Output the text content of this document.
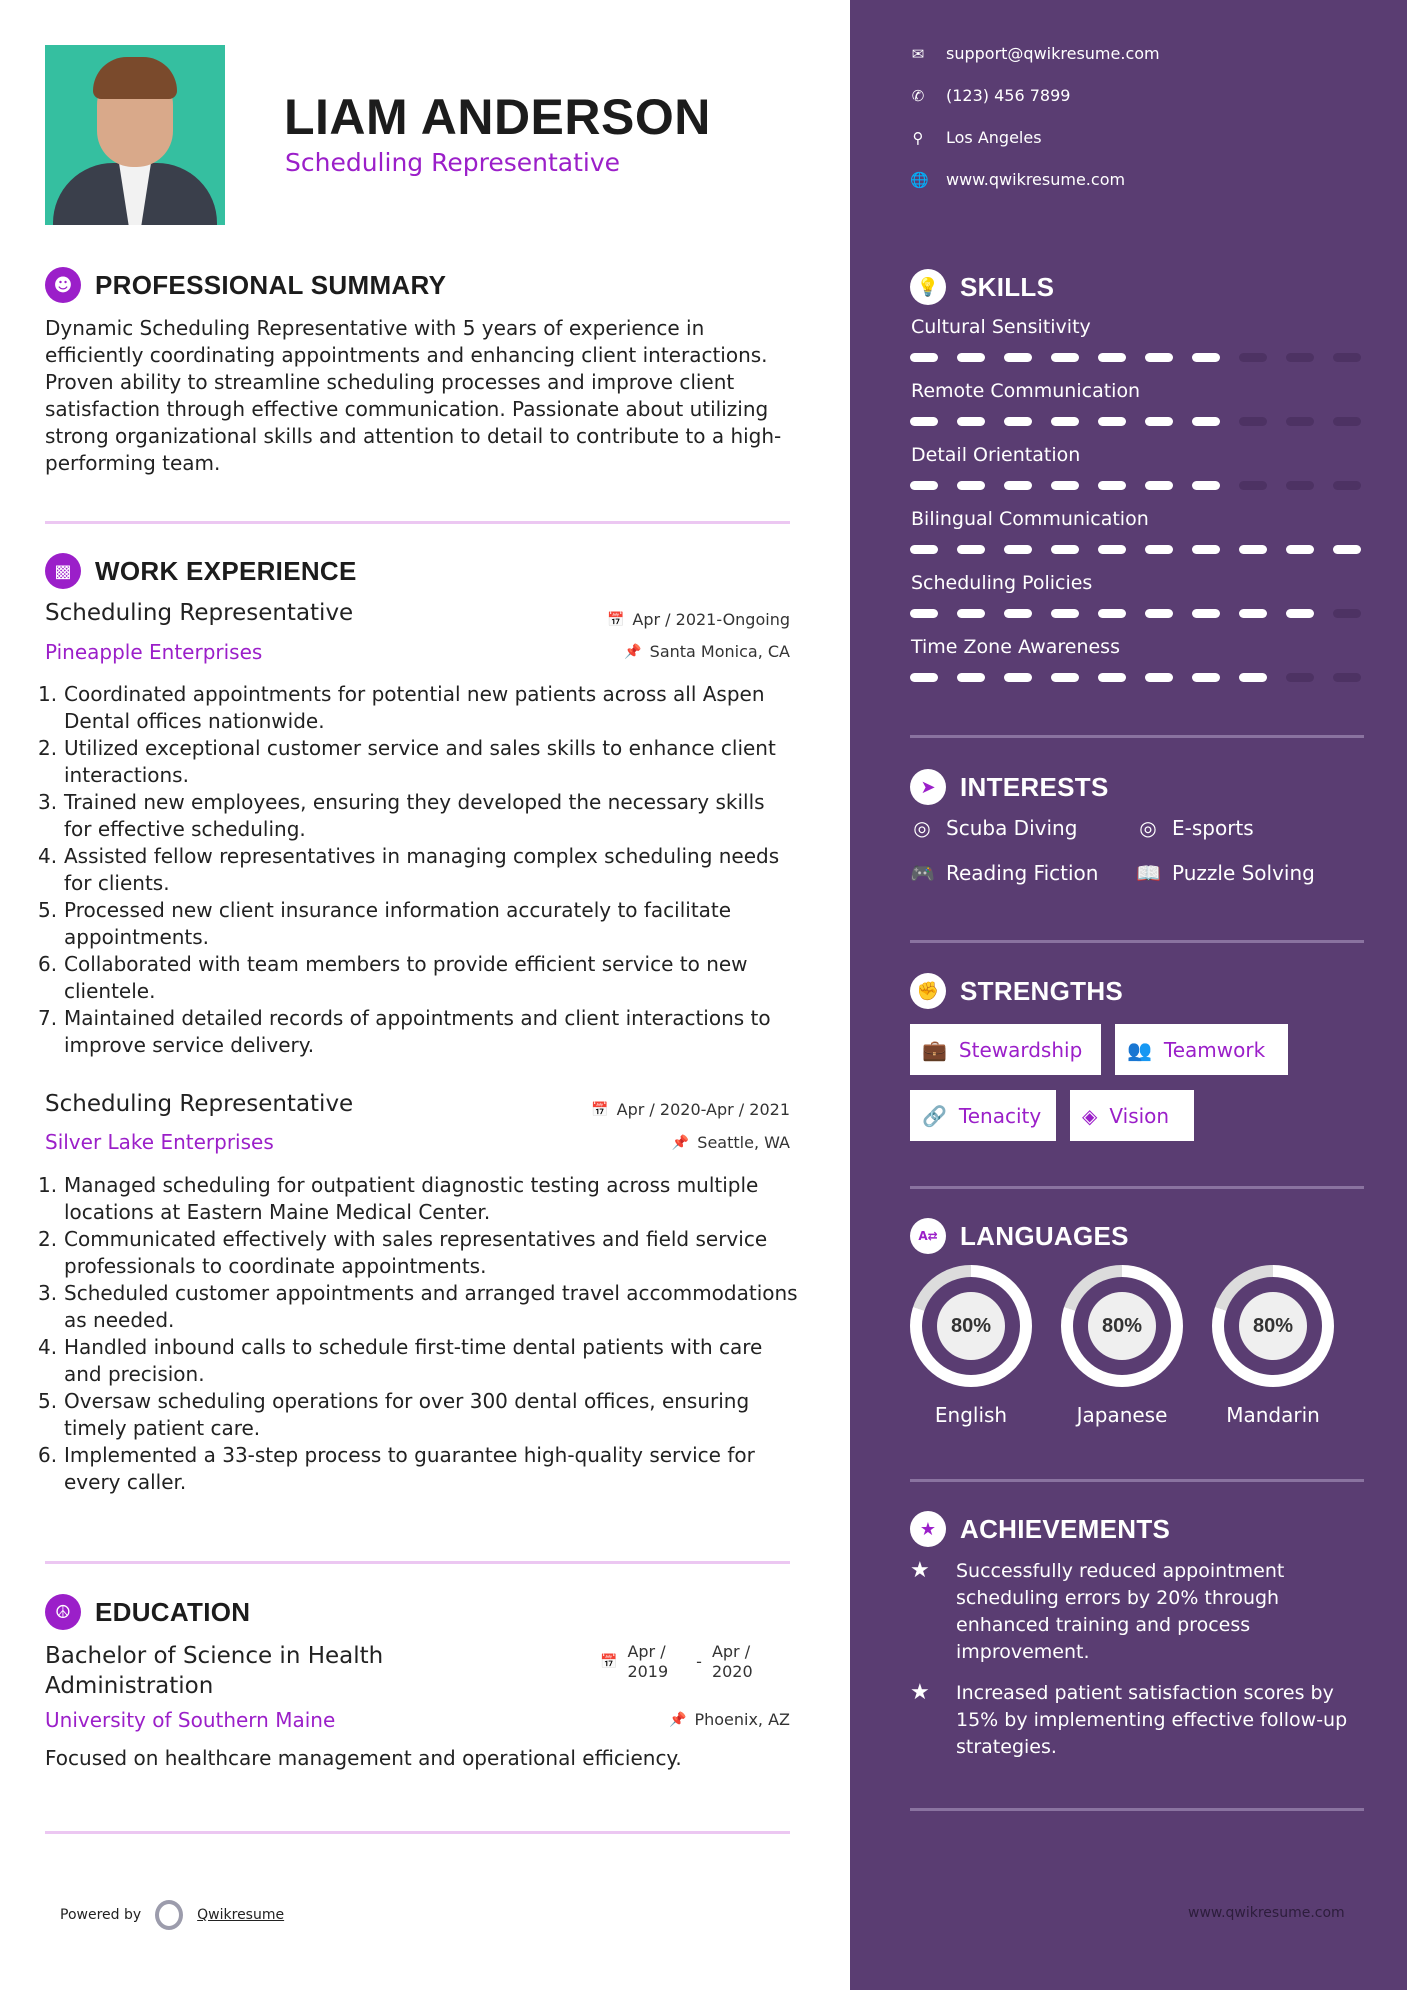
LIAM ANDERSON
Scheduling Representative
☻ PROFESSIONAL SUMMARY
Dynamic Scheduling Representative with 5 years of experience in efficiently coordinating appointments and enhancing client interactions. Proven ability to streamline scheduling processes and improve client satisfaction through effective communication. Passionate about utilizing strong organizational skills and attention to detail to contribute to a high-performing team.
▩ WORK EXPERIENCE
Scheduling Representative	📅 Apr / 2021-Ongoing
Pineapple Enterprises	📌 Santa Monica, CA
1. Coordinated appointments for potential new patients across all Aspen Dental offices nationwide.
2. Utilized exceptional customer service and sales skills to enhance client interactions.
3. Trained new employees, ensuring they developed the necessary skills for effective scheduling.
4. Assisted fellow representatives in managing complex scheduling needs for clients.
5. Processed new client insurance information accurately to facilitate appointments.
6. Collaborated with team members to provide efficient service to new clientele.
7. Maintained detailed records of appointments and client interactions to improve service delivery.
Scheduling Representative	📅 Apr / 2020-Apr / 2021
Silver Lake Enterprises	📌 Seattle, WA
1. Managed scheduling for outpatient diagnostic testing across multiple locations at Eastern Maine Medical Center.
2. Communicated effectively with sales representatives and field service professionals to coordinate appointments.
3. Scheduled customer appointments and arranged travel accommodations as needed.
4. Handled inbound calls to schedule first-time dental patients with care and precision.
5. Oversaw scheduling operations for over 300 dental offices, ensuring timely patient care.
6. Implemented a 33-step process to guarantee high-quality service for every caller.
☮ EDUCATION
Bachelor of Science in Health
Administration
📅
Apr /
2019
-
Apr /
2020
University of Southern Maine	📌 Phoenix, AZ
Focused on healthcare management and operational efficiency.
Powered by	Qwikresume
✉ support@qwikresume.com
✆ (123) 456 7899
⚲ Los Angeles
🌐 www.qwikresume.com
💡 SKILLS
Cultural Sensitivity
Remote Communication
Detail Orientation
Bilingual Communication
Scheduling Policies
Time Zone Awareness
➤ INTERESTS
◎ Scuba Diving	◎ E-sports
🎮 Reading Fiction 📖 Puzzle Solving
✊ STRENGTHS
💼 Stewardship 👥 Teamwork
🔗 Tenacity ◈ Vision
A⇄ LANGUAGES
80%
English
80%
Japanese
80%
Mandarin
★ ACHIEVEMENTS
★	Successfully reduced appointment scheduling errors by 20% through enhanced training and process improvement.
★	Increased patient satisfaction scores by 15% by implementing effective follow-up strategies.
www.qwikresume.com
